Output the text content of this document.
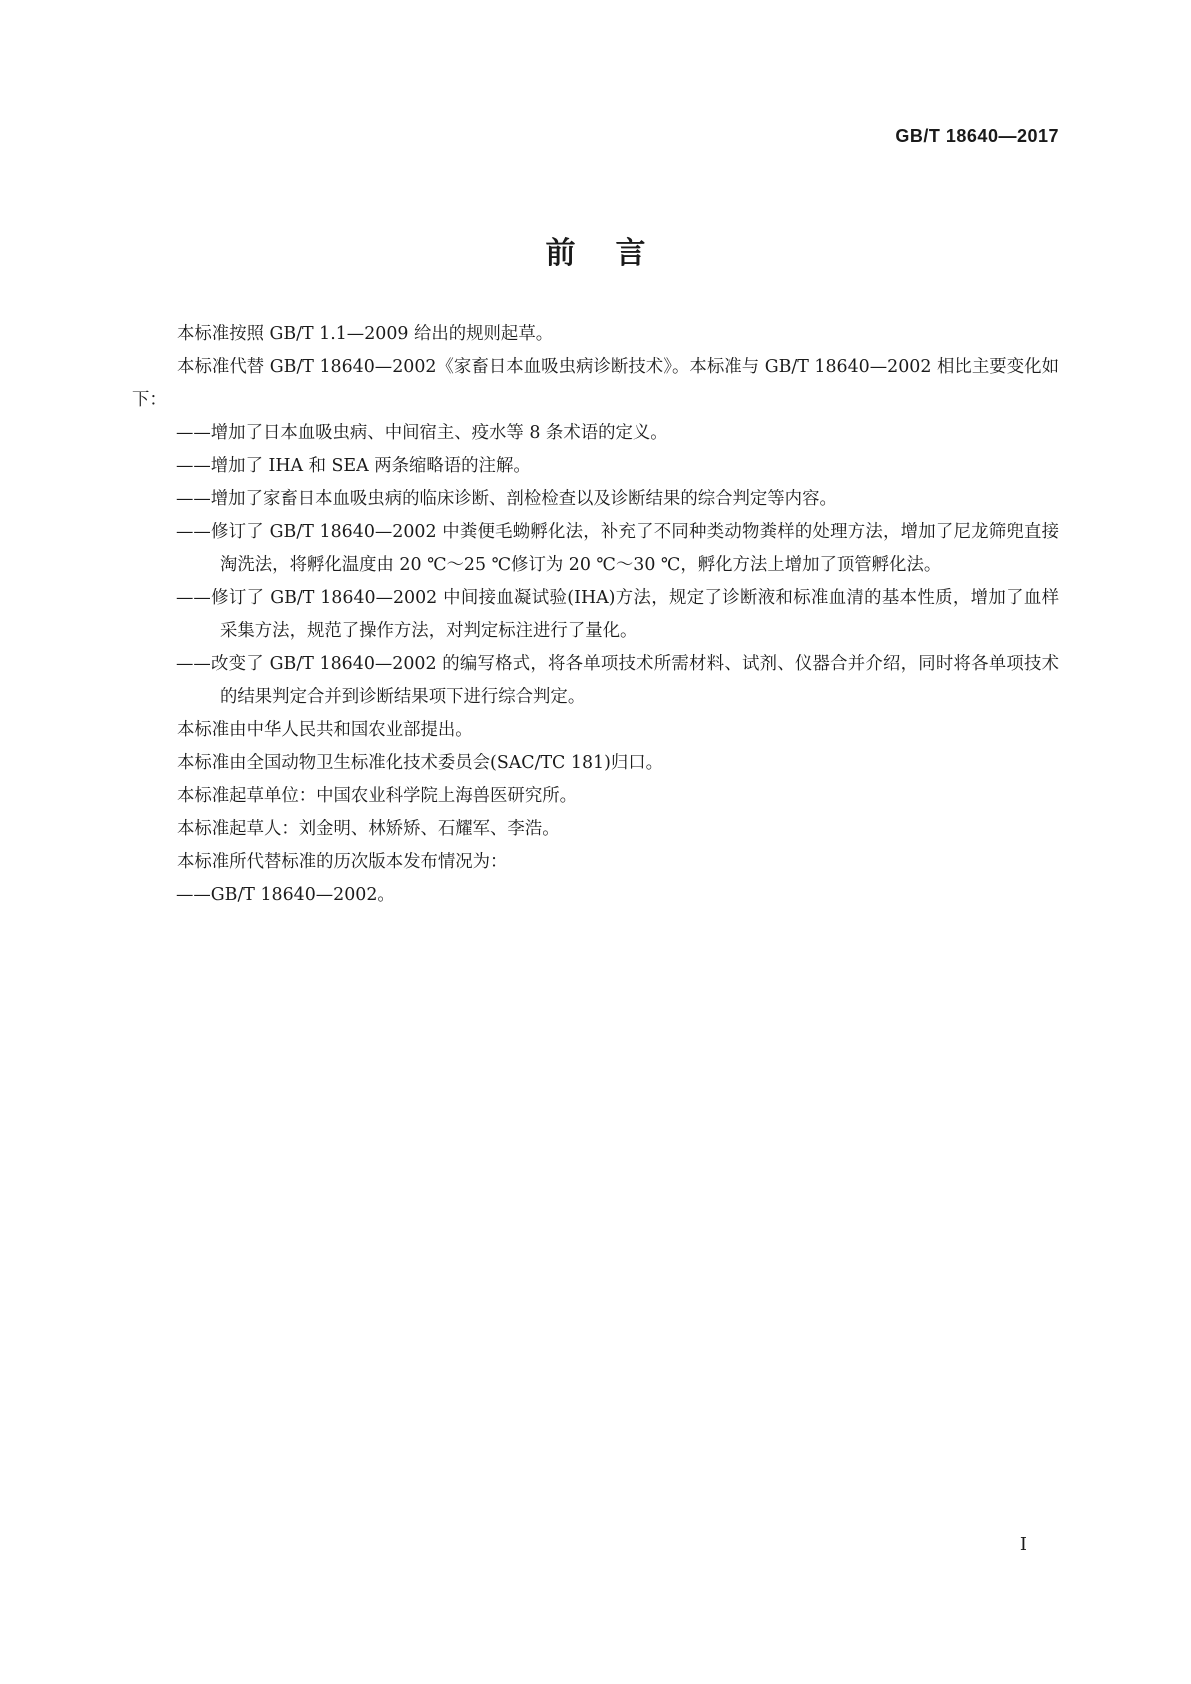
GB/T 18640—2017
前言

本标准按照 GB/T 1.1—2009 给出的规则起草。

本标准代替 GB/T 18640—2002《家畜日本血吸虫病诊断技术》。本标准与 GB/T 18640—2002 相比主要变化如下：

——增加了日本血吸虫病、中间宿主、疫水等 8 条术语的定义。

——增加了 IHA 和 SEA 两条缩略语的注解。

——增加了家畜日本血吸虫病的临床诊断、剖检检查以及诊断结果的综合判定等内容。

——修订了 GB/T 18640—2002 中粪便毛蚴孵化法，补充了不同种类动物粪样的处理方法，增加了尼龙筛兜直接淘洗法，将孵化温度由 20 ℃～25 ℃修订为 20 ℃～30 ℃，孵化方法上增加了顶管孵化法。

——修订了 GB/T 18640—2002 中间接血凝试验(IHA)方法，规定了诊断液和标准血清的基本性质，增加了血样采集方法，规范了操作方法，对判定标注进行了量化。

——改变了 GB/T 18640—2002 的编写格式，将各单项技术所需材料、试剂、仪器合并介绍，同时将各单项技术的结果判定合并到诊断结果项下进行综合判定。

本标准由中华人民共和国农业部提出。

本标准由全国动物卫生标准化技术委员会(SAC/TC 181)归口。

本标准起草单位：中国农业科学院上海兽医研究所。

本标准起草人：刘金明、林矫矫、石耀军、李浩。

本标准所代替标准的历次版本发布情况为：

——GB/T 18640—2002。

I
